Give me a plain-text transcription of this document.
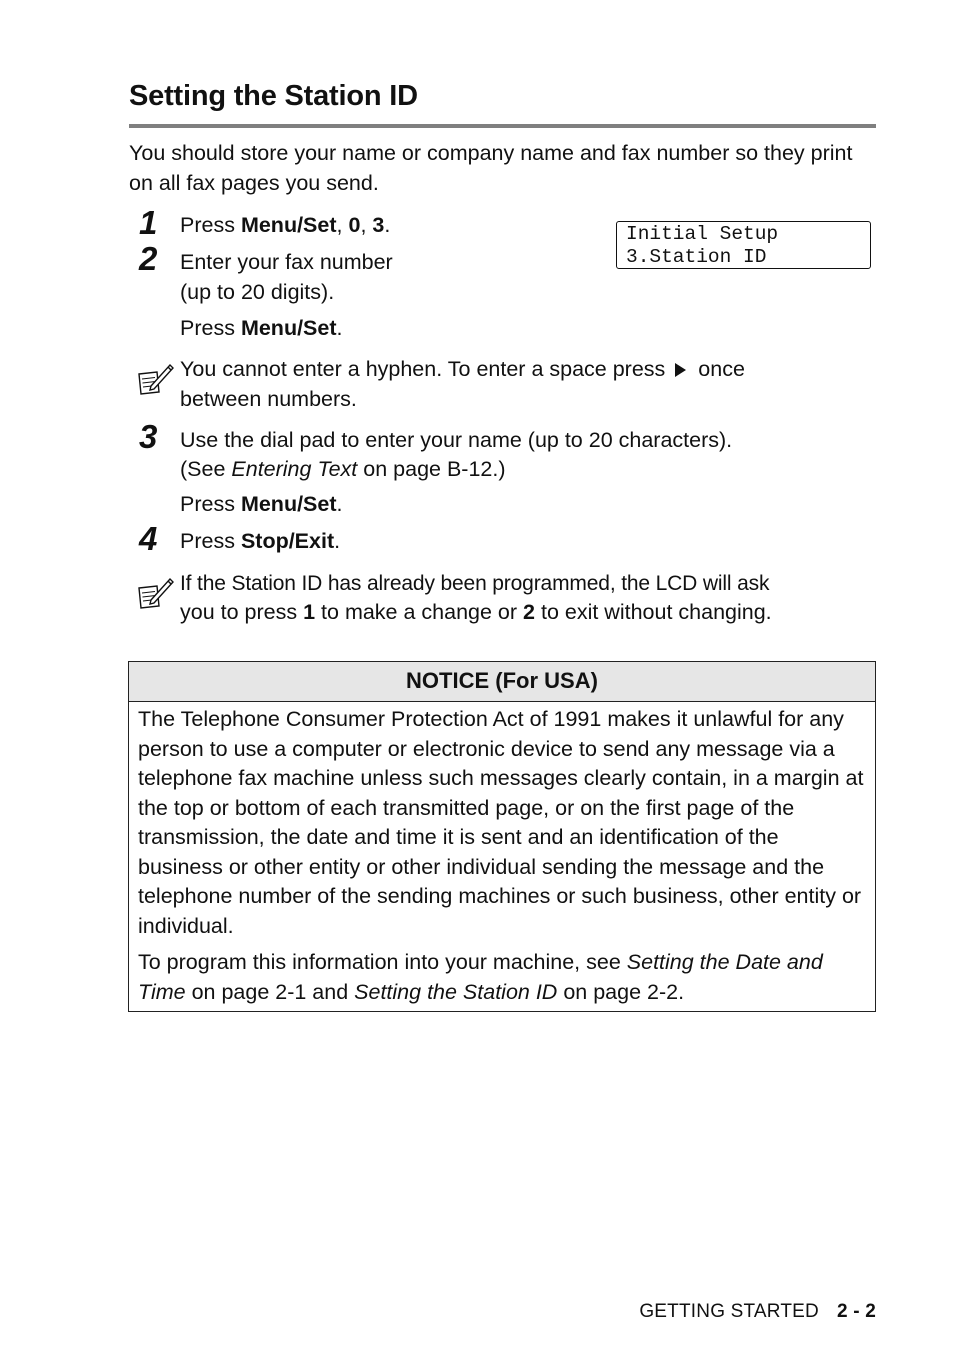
Setting the Station ID
You should store your name or company name and fax number so they print on all fax pages you send.
Initial Setup
3.Station ID
1 Press Menu/Set, 0, 3.
2 Enter your fax number
(up to 20 digits).
Press Menu/Set.
You cannot enter a hyphen. To enter a space press once
between numbers.
3 Use the dial pad to enter your name (up to 20 characters).
(See Entering Text on page B-12.)
Press Menu/Set.
4 Press Stop/Exit.
If the Station ID has already been programmed, the LCD will ask
you to press 1 to make a change or 2 to exit without changing.
NOTICE (For USA)

The Telephone Consumer Protection Act of 1991 makes it unlawful for any person to use a computer or electronic device to send any message via a telephone fax machine unless such messages clearly contain, in a margin at the top or bottom of each transmitted page, or on the first page of the transmission, the date and time it is sent and an identification of the business or other entity or other individual sending the message and the telephone number of the sending machines or such business, other entity or individual.

To program this information into your machine, see Setting the Date and Time on page 2-1 and Setting the Station ID on page 2-2.

GETTING STARTED 2 - 2
